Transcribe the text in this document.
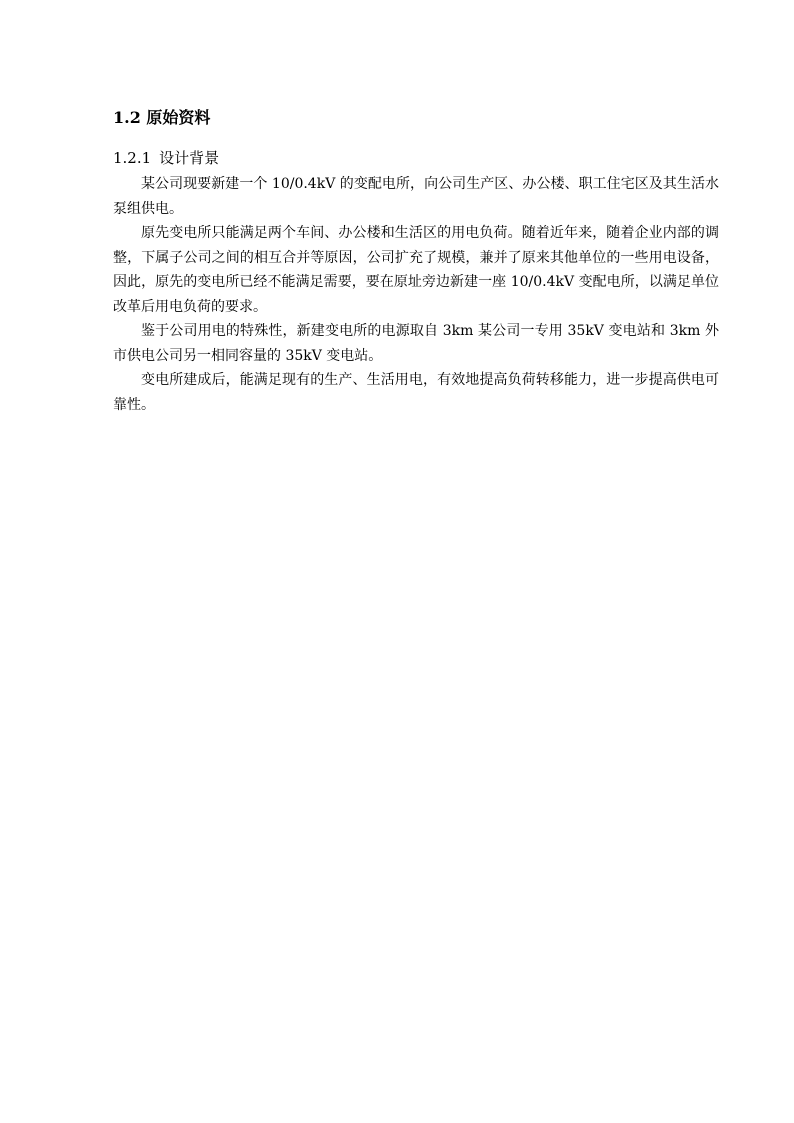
1.2 原始资料
1.2.1 设计背景

某公司现要新建一个 10/0.4kV 的变配电所，向公司生产区、办公楼、职工住宅区及其生活水泵组供电。

原先变电所只能满足两个车间、办公楼和生活区的用电负荷。随着近年来，随着企业内部的调整，下属子公司之间的相互合并等原因，公司扩充了规模，兼并了原来其他单位的一些用电设备，因此，原先的变电所已经不能满足需要，要在原址旁边新建一座 10/0.4kV 变配电所，以满足单位改革后用电负荷的要求。

鉴于公司用电的特殊性，新建变电所的电源取自 3km 某公司一专用 35kV 变电站和 3km 外市供电公司另一相同容量的 35kV 变电站。

变电所建成后，能满足现有的生产、生活用电，有效地提高负荷转移能力，进一步提高供电可靠性。
